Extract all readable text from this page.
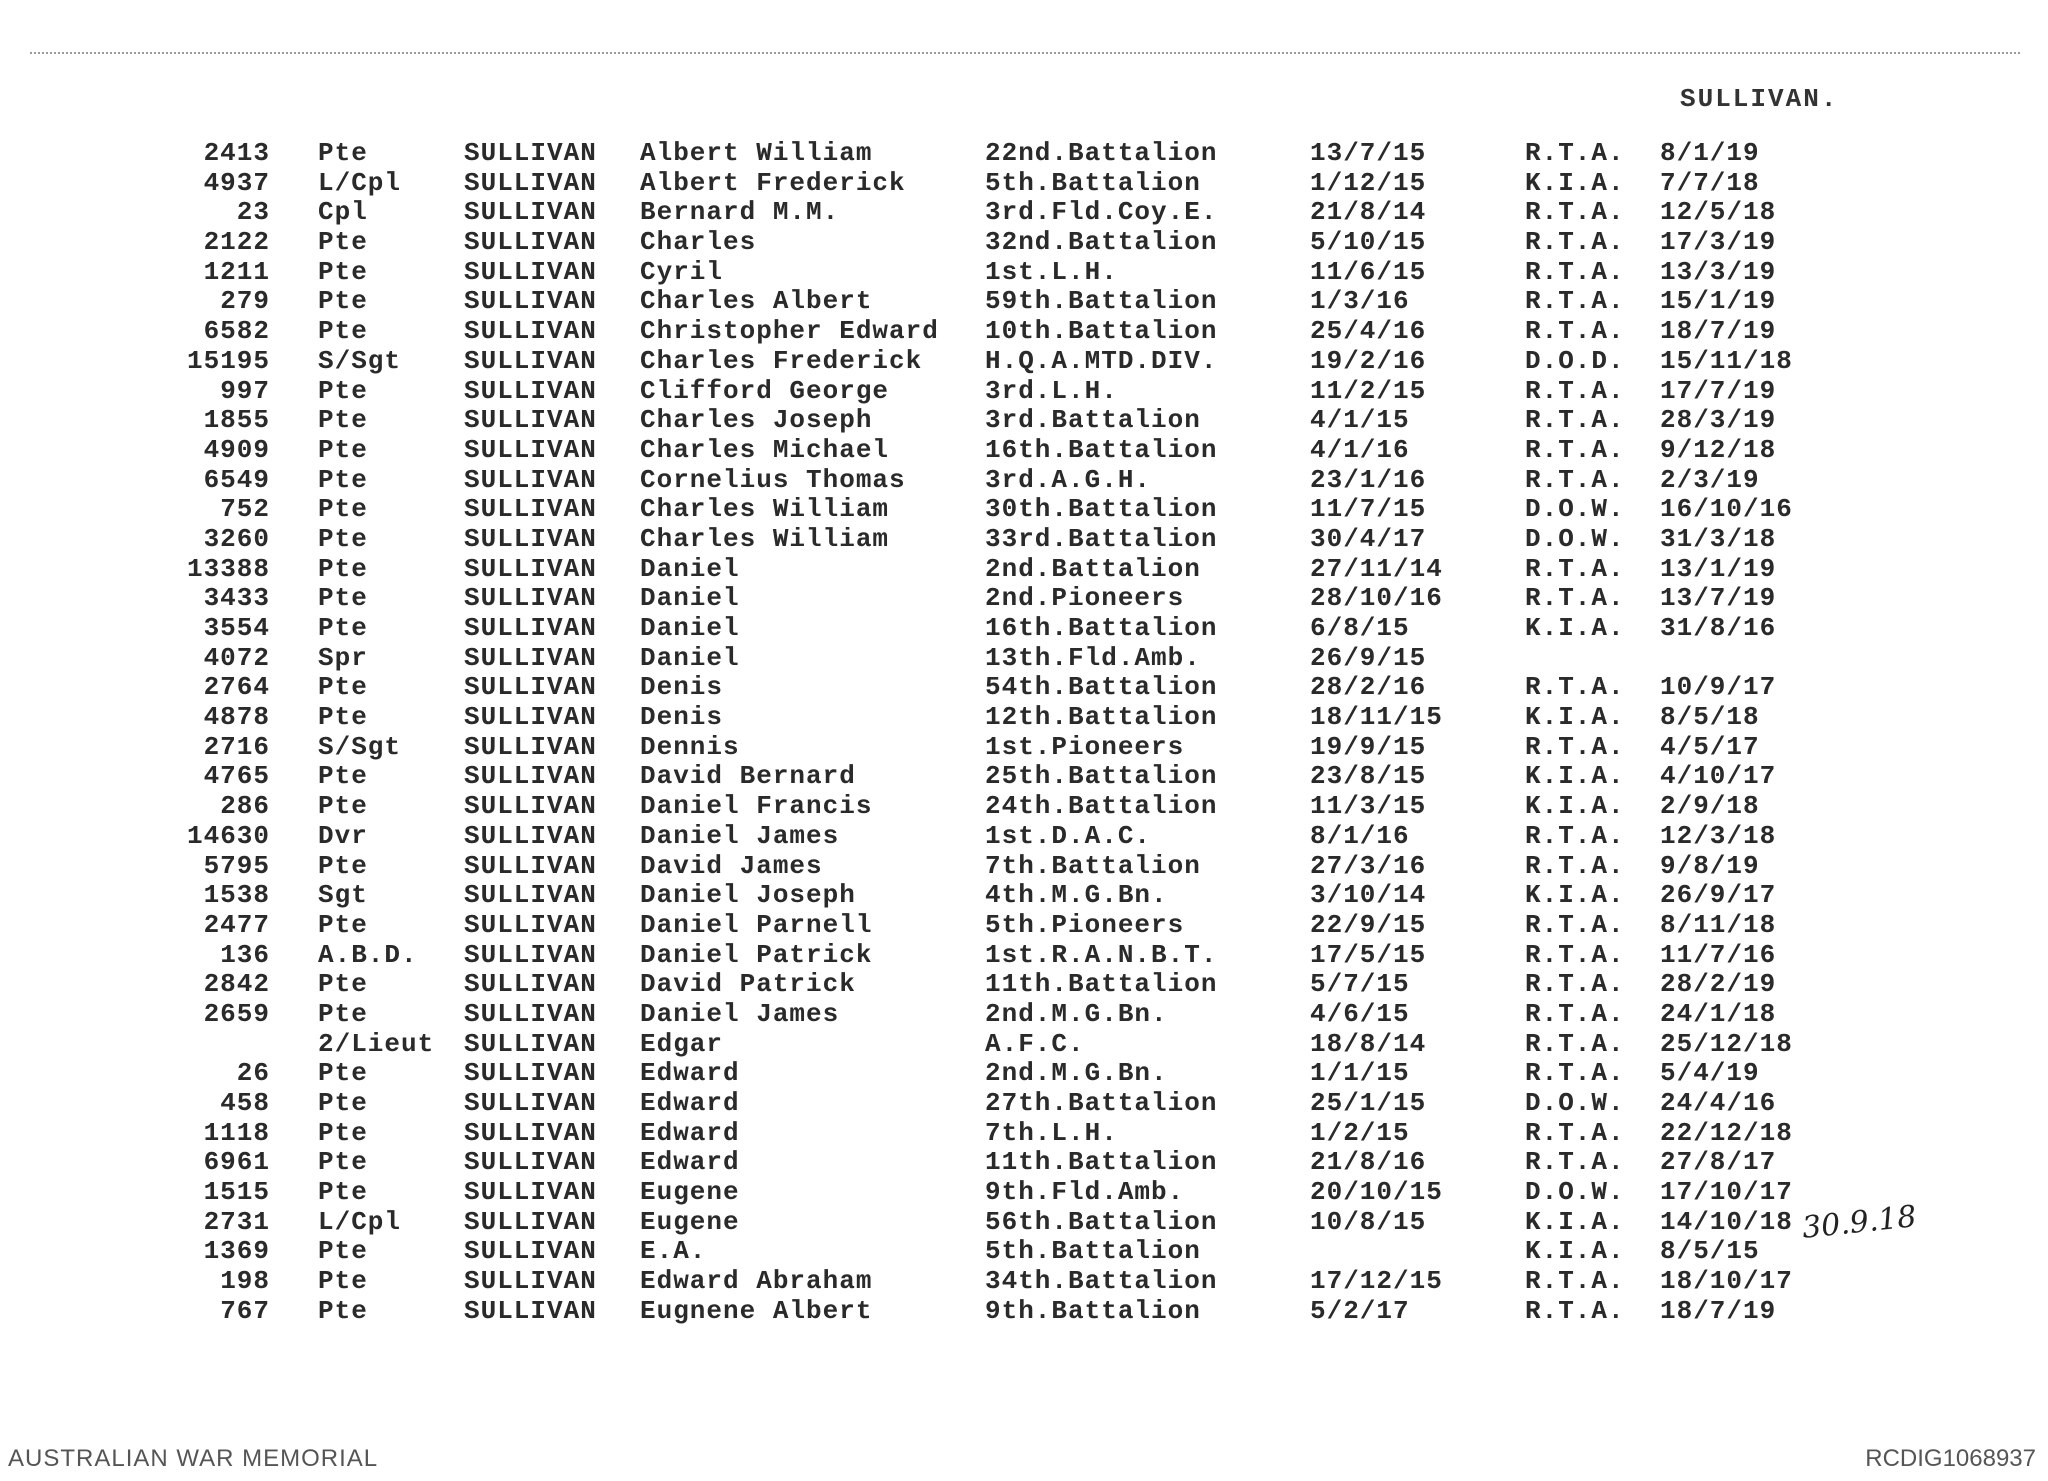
SULLIVAN.
2413 Pte	SULLIVAN Albert William	22nd.Battalion	13/7/15	R.T.A. 8/1/19
4937 L/Cpl SULLIVAN Albert Frederick	5th.Battalion	1/12/15	K.I.A. 7/7/18
23 Cpl	SULLIVAN Bernard M.M.	3rd.Fld.Coy.E.	21/8/14	R.T.A. 12/5/18
2122 Pte	SULLIVAN Charles	32nd.Battalion	5/10/15	R.T.A. 17/3/19
1211 Pte	SULLIVAN Cyril	1st.L.H.	11/6/15	R.T.A. 13/3/19
279 Pte	SULLIVAN Charles Albert	59th.Battalion	1/3/16	R.T.A. 15/1/19
6582 Pte	SULLIVAN Christopher Edward 10th.Battalion	25/4/16	R.T.A. 18/7/19
15195 S/Sgt SULLIVAN Charles Frederick H.Q.A.MTD.DIV.	19/2/16	D.O.D. 15/11/18
997 Pte	SULLIVAN Clifford George	3rd.L.H.	11/2/15	R.T.A. 17/7/19
1855 Pte	SULLIVAN Charles Joseph	3rd.Battalion	4/1/15	R.T.A. 28/3/19
4909 Pte	SULLIVAN Charles Michael	16th.Battalion	4/1/16	R.T.A. 9/12/18
6549 Pte	SULLIVAN Cornelius Thomas	3rd.A.G.H.	23/1/16	R.T.A. 2/3/19
752 Pte	SULLIVAN Charles William	30th.Battalion	11/7/15	D.O.W. 16/10/16
3260 Pte	SULLIVAN Charles William	33rd.Battalion	30/4/17	D.O.W. 31/3/18
13388 Pte	SULLIVAN Daniel	2nd.Battalion	27/11/14	R.T.A. 13/1/19
3433 Pte	SULLIVAN Daniel	2nd.Pioneers	28/10/16	R.T.A. 13/7/19
3554 Pte	SULLIVAN Daniel	16th.Battalion	6/8/15	K.I.A. 31/8/16
4072 Spr	SULLIVAN Daniel	13th.Fld.Amb.	26/9/15
2764 Pte	SULLIVAN Denis	54th.Battalion	28/2/16	R.T.A. 10/9/17
4878 Pte	SULLIVAN Denis	12th.Battalion	18/11/15	K.I.A. 8/5/18
2716 S/Sgt SULLIVAN Dennis	1st.Pioneers	19/9/15	R.T.A. 4/5/17
4765 Pte	SULLIVAN David Bernard	25th.Battalion	23/8/15	K.I.A. 4/10/17
286 Pte	SULLIVAN Daniel Francis	24th.Battalion	11/3/15	K.I.A. 2/9/18
14630 Dvr	SULLIVAN Daniel James	1st.D.A.C.	8/1/16	R.T.A. 12/3/18
5795 Pte	SULLIVAN David James	7th.Battalion	27/3/16	R.T.A. 9/8/19
1538 Sgt	SULLIVAN Daniel Joseph	4th.M.G.Bn.	3/10/14	K.I.A. 26/9/17
2477 Pte	SULLIVAN Daniel Parnell	5th.Pioneers	22/9/15	R.T.A. 8/11/18
136 A.B.D. SULLIVAN Daniel Patrick	1st.R.A.N.B.T.	17/5/15	R.T.A. 11/7/16
2842 Pte	SULLIVAN David Patrick	11th.Battalion	5/7/15	R.T.A. 28/2/19
2659 Pte	SULLIVAN Daniel James	2nd.M.G.Bn.	4/6/15	R.T.A. 24/1/18
2/Lieut SULLIVAN Edgar	A.F.C.	18/8/14	R.T.A. 25/12/18
26 Pte	SULLIVAN Edward	2nd.M.G.Bn.	1/1/15	R.T.A. 5/4/19
458 Pte	SULLIVAN Edward	27th.Battalion	25/1/15	D.O.W. 24/4/16
1118 Pte	SULLIVAN Edward	7th.L.H.	1/2/15	R.T.A. 22/12/18
6961 Pte	SULLIVAN Edward	11th.Battalion	21/8/16	R.T.A. 27/8/17
1515 Pte	SULLIVAN Eugene	9th.Fld.Amb.	20/10/15	D.O.W. 17/10/17
2731 L/Cpl SULLIVAN Eugene	56th.Battalion	10/8/15	K.I.A. 14/10/18
1369 Pte	SULLIVAN E.A.	5th.Battalion	K.I.A. 8/5/15
198 Pte	SULLIVAN Edward Abraham	34th.Battalion	17/12/15	R.T.A. 18/10/17
767 Pte	SULLIVAN Eugnene Albert	9th.Battalion	5/2/17	R.T.A. 18/7/19
30.9.18
AUSTRALIAN WAR MEMORIAL	RCDIG1068937
